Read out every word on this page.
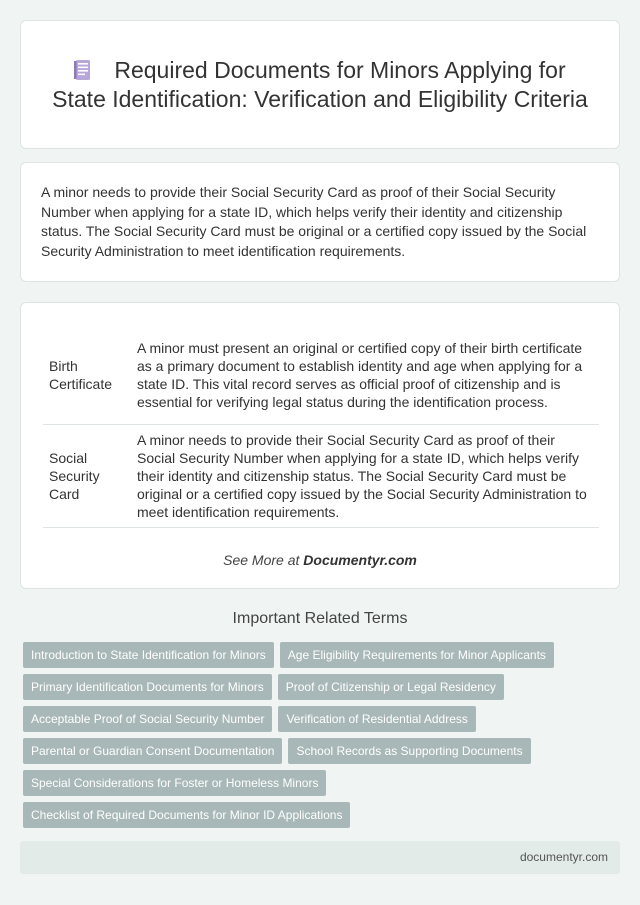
Required Documents for Minors Applying for State Identification: Verification and Eligibility Criteria

A minor needs to provide their Social Security Card as proof of their Social Security Number when applying for a state ID, which helps verify their identity and citizenship status. The Social Security Card must be original or a certified copy issued by the Social Security Administration to meet identification requirements.

Birth Certificate	A minor must present an original or certified copy of their birth certificate as a primary document to establish identity and age when applying for a state ID. This vital record serves as official proof of citizenship and is essential for verifying legal status during the identification process.
Social Security Card	A minor needs to provide their Social Security Card as proof of their Social Security Number when applying for a state ID, which helps verify their identity and citizenship status. The Social Security Card must be original or a certified copy issued by the Social Security Administration to meet identification requirements.
See More at Documentyr.com
Important Related Terms
Introduction to State Identification for Minors	Age Eligibility Requirements for Minor Applicants
Primary Identification Documents for Minors	Proof of Citizenship or Legal Residency
Acceptable Proof of Social Security Number	Verification of Residential Address
Parental or Guardian Consent Documentation	School Records as Supporting Documents
Special Considerations for Foster or Homeless Minors
Checklist of Required Documents for Minor ID Applications
documentyr.com
